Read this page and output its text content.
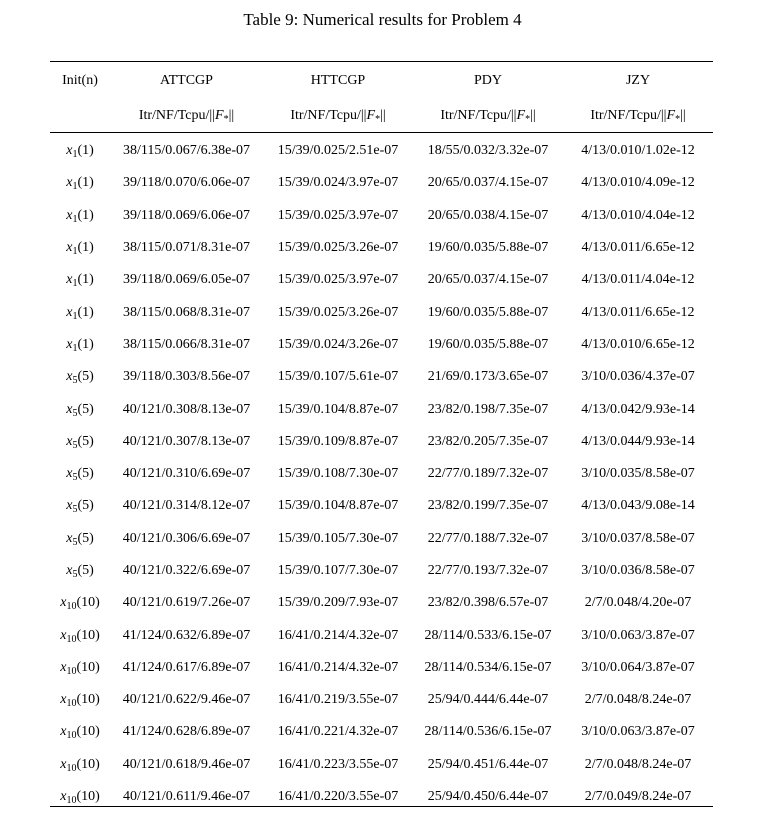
Table 9: Numerical results for Problem 4
Init(n)	ATTCGP	HTTCGP	PDY	JZY
	Itr/$NF/Tcpu/||F_*||$	Itr/$NF/Tcpu/||F_*||$	Itr/$NF/Tcpu/||F_*||$	Itr/$NF/Tcpu/||F_*||$
$x_1(1)$	38/115/0.067/6.38e-07	15/39/0.025/2.51e-07	18/55/0.032/3.32e-07	4/13/0.010/1.02e-12
$x_1(1)$	39/118/0.070/6.06e-07	15/39/0.024/3.97e-07	20/65/0.037/4.15e-07	4/13/0.010/4.09e-12
$x_1(1)$	39/118/0.069/6.06e-07	15/39/0.025/3.97e-07	20/65/0.038/4.15e-07	4/13/0.010/4.04e-12
$x_1(1)$	38/115/0.071/8.31e-07	15/39/0.025/3.26e-07	19/60/0.035/5.88e-07	4/13/0.011/6.65e-12
$x_1(1)$	39/118/0.069/6.05e-07	15/39/0.025/3.97e-07	20/65/0.037/4.15e-07	4/13/0.011/4.04e-12
$x_1(1)$	38/115/0.068/8.31e-07	15/39/0.025/3.26e-07	19/60/0.035/5.88e-07	4/13/0.011/6.65e-12
$x_1(1)$	38/115/0.066/8.31e-07	15/39/0.024/3.26e-07	19/60/0.035/5.88e-07	4/13/0.010/6.65e-12
$x_5(5)$	39/118/0.303/8.56e-07	15/39/0.107/5.61e-07	21/69/0.173/3.65e-07	3/10/0.036/4.37e-07
$x_5(5)$	40/121/0.308/8.13e-07	15/39/0.104/8.87e-07	23/82/0.198/7.35e-07	4/13/0.042/9.93e-14
$x_5(5)$	40/121/0.307/8.13e-07	15/39/0.109/8.87e-07	23/82/0.205/7.35e-07	4/13/0.044/9.93e-14
$x_5(5)$	40/121/0.310/6.69e-07	15/39/0.108/7.30e-07	22/77/0.189/7.32e-07	3/10/0.035/8.58e-07
$x_5(5)$	40/121/0.314/8.12e-07	15/39/0.104/8.87e-07	23/82/0.199/7.35e-07	4/13/0.043/9.08e-14
$x_5(5)$	40/121/0.306/6.69e-07	15/39/0.105/7.30e-07	22/77/0.188/7.32e-07	3/10/0.037/8.58e-07
$x_5(5)$	40/121/0.322/6.69e-07	15/39/0.107/7.30e-07	22/77/0.193/7.32e-07	3/10/0.036/8.58e-07
$x_{10}(10)$	40/121/0.619/7.26e-07	15/39/0.209/7.93e-07	23/82/0.398/6.57e-07	2/7/0.048/4.20e-07
$x_{10}(10)$	41/124/0.632/6.89e-07	16/41/0.214/4.32e-07	28/114/0.533/6.15e-07	3/10/0.063/3.87e-07
$x_{10}(10)$	41/124/0.617/6.89e-07	16/41/0.214/4.32e-07	28/114/0.534/6.15e-07	3/10/0.064/3.87e-07
$x_{10}(10)$	40/121/0.622/9.46e-07	16/41/0.219/3.55e-07	25/94/0.444/6.44e-07	2/7/0.048/8.24e-07
$x_{10}(10)$	41/124/0.628/6.89e-07	16/41/0.221/4.32e-07	28/114/0.536/6.15e-07	3/10/0.063/3.87e-07
$x_{10}(10)$	40/121/0.618/9.46e-07	16/41/0.223/3.55e-07	25/94/0.451/6.44e-07	2/7/0.048/8.24e-07
$x_{10}(10)$	40/121/0.611/9.46e-07	16/41/0.220/3.55e-07	25/94/0.450/6.44e-07	2/7/0.049/8.24e-07
